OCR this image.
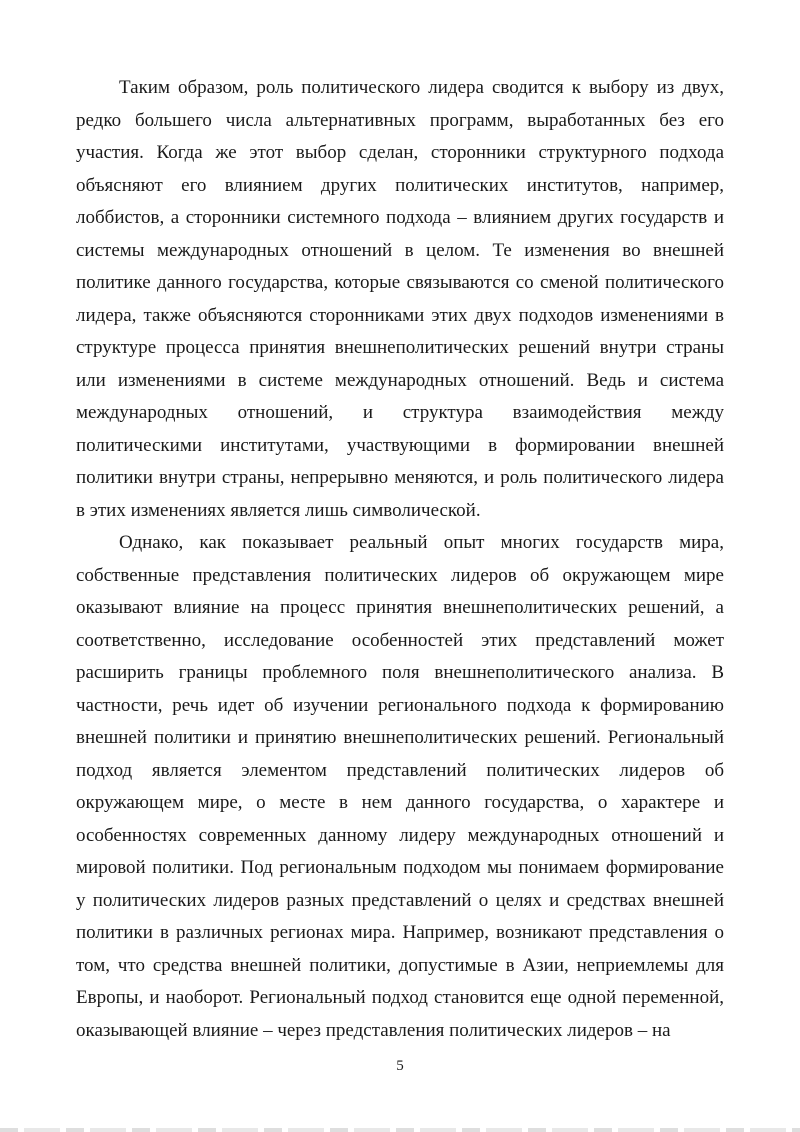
Таким образом, роль политического лидера сводится к выбору из двух, редко большего числа альтернативных программ, выработанных без его участия. Когда же этот выбор сделан, сторонники структурного подхода объясняют его влиянием других политических институтов, например, лоббистов, а сторонники системного подхода – влиянием других государств и системы международных отношений в целом. Те изменения во внешней политике данного государства, которые связываются со сменой политического лидера, также объясняются сторонниками этих двух подходов изменениями в структуре процесса принятия внешнеполитических решений внутри страны или изменениями в системе международных отношений. Ведь и система международных отношений, и структура взаимодействия между политическими институтами, участвующими в формировании внешней политики внутри страны, непрерывно меняются, и роль политического лидера в этих изменениях является лишь символической.

Однако, как показывает реальный опыт многих государств мира, собственные представления политических лидеров об окружающем мире оказывают влияние на процесс принятия внешнеполитических решений, а соответственно, исследование особенностей этих представлений может расширить границы проблемного поля внешнеполитического анализа. В частности, речь идет об изучении регионального подхода к формированию внешней политики и принятию внешнеполитических решений. Региональный подход является элементом представлений политических лидеров об окружающем мире, о месте в нем данного государства, о характере и особенностях современных данному лидеру международных отношений и мировой политики. Под региональным подходом мы понимаем формирование у политических лидеров разных представлений о целях и средствах внешней политики в различных регионах мира. Например, возникают представления о том, что средства внешней политики, допустимые в Азии, неприемлемы для Европы, и наоборот. Региональный подход становится еще одной переменной, оказывающей влияние – через представления политических лидеров – на

5
